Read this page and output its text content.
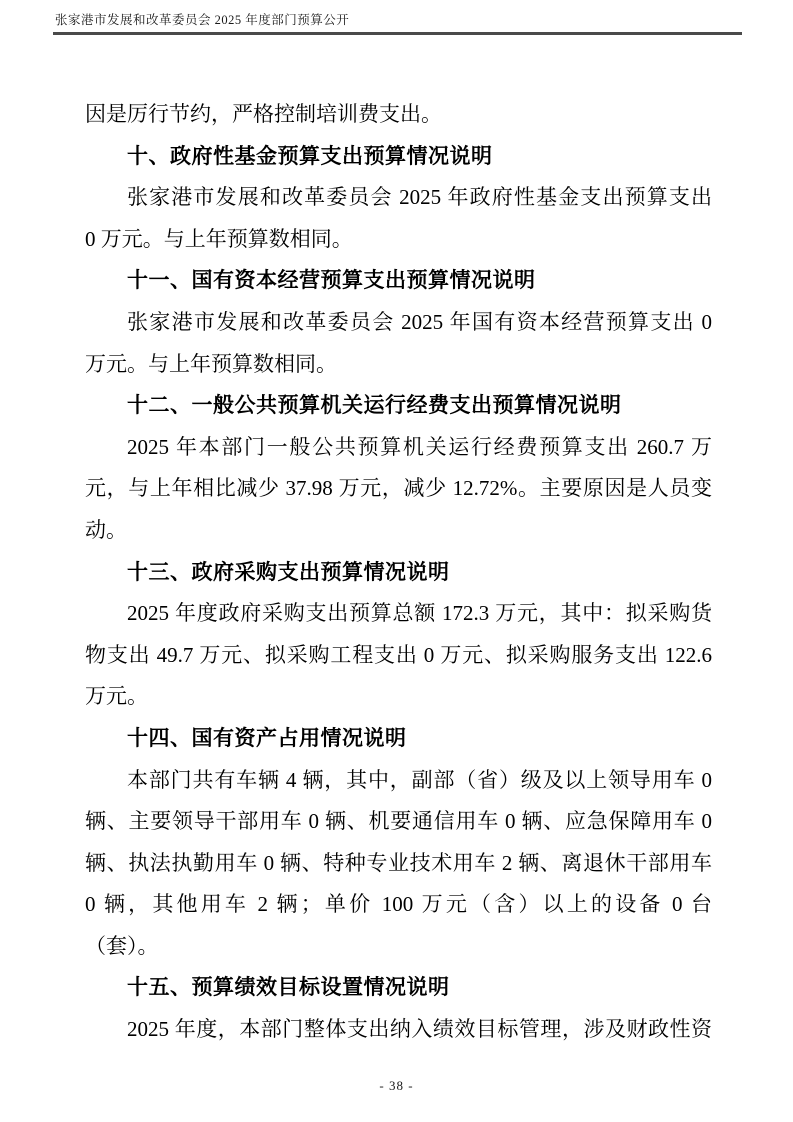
张家港市发展和改革委员会 2025 年度部门预算公开
因是厉行节约，严格控制培训费支出。
十、政府性基金预算支出预算情况说明
张家港市发展和改革委员会 2025 年政府性基金支出预算支出
0 万元。与上年预算数相同。
十一、国有资本经营预算支出预算情况说明
张家港市发展和改革委员会 2025 年国有资本经营预算支出 0
万元。与上年预算数相同。
十二、一般公共预算机关运行经费支出预算情况说明
2025 年本部门一般公共预算机关运行经费预算支出 260.7 万
元，与上年相比减少 37.98 万元，减少 12.72%。主要原因是人员变
动。
十三、政府采购支出预算情况说明
2025 年度政府采购支出预算总额 172.3 万元，其中：拟采购货
物支出 49.7 万元、拟采购工程支出 0 万元、拟采购服务支出 122.6
万元。
十四、国有资产占用情况说明
本部门共有车辆 4 辆，其中，副部（省）级及以上领导用车 0
辆、主要领导干部用车 0 辆、机要通信用车 0 辆、应急保障用车 0
辆、执法执勤用车 0 辆、特种专业技术用车 2 辆、离退休干部用车
0 辆，其他用车 2 辆；单价 100 万元（含）以上的设备 0 台
（套）。
十五、预算绩效目标设置情况说明
2025 年度，本部门整体支出纳入绩效目标管理，涉及财政性资
- 38 -
